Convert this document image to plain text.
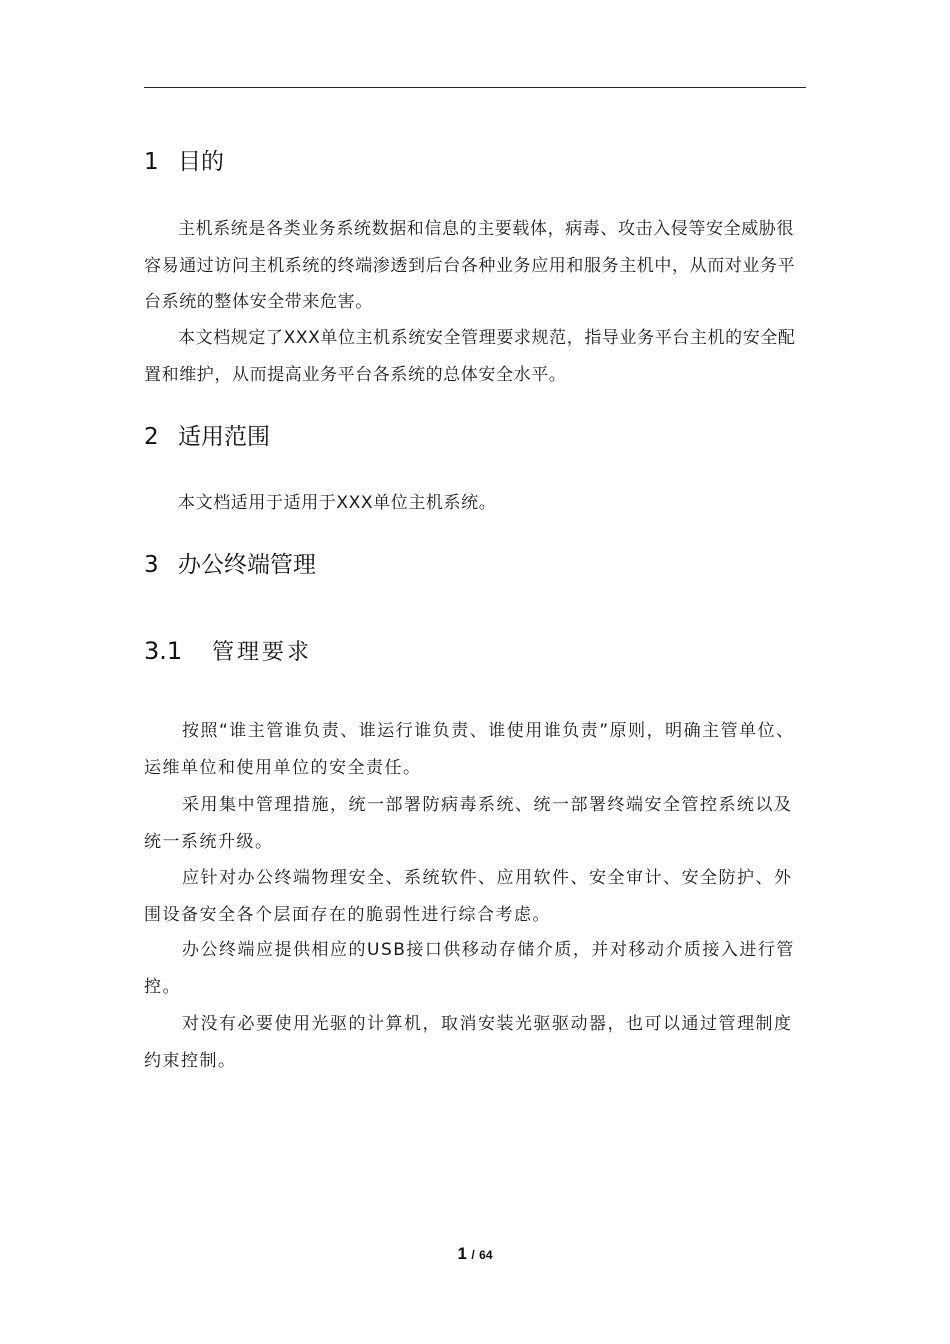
1 目的

主机系统是各类业务系统数据和信息的主要载体，病毒、攻击入侵等安全威胁很容易通过访问主机系统的终端渗透到后台各种业务应用和服务主机中，从而对业务平台系统的整体安全带来危害。

本文档规定了XXX单位主机系统安全管理要求规范，指导业务平台主机的安全配置和维护，从而提高业务平台各系统的总体安全水平。

2 适用范围

本文档适用于适用于XXX单位主机系统。

3 办公终端管理
3.1 管理要求

按照“谁主管谁负责、谁运行谁负责、谁使用谁负责”原则，明确主管单位、运维单位和使用单位的安全责任。

采用集中管理措施，统一部署防病毒系统、统一部署终端安全管控系统以及统一系统升级。

应针对办公终端物理安全、系统软件、应用软件、安全审计、安全防护、外围设备安全各个层面存在的脆弱性进行综合考虑。

办公终端应提供相应的USB接口供移动存储介质，并对移动介质接入进行管控。

对没有必要使用光驱的计算机，取消安装光驱驱动器，也可以通过管理制度约束控制。

1 / 64
